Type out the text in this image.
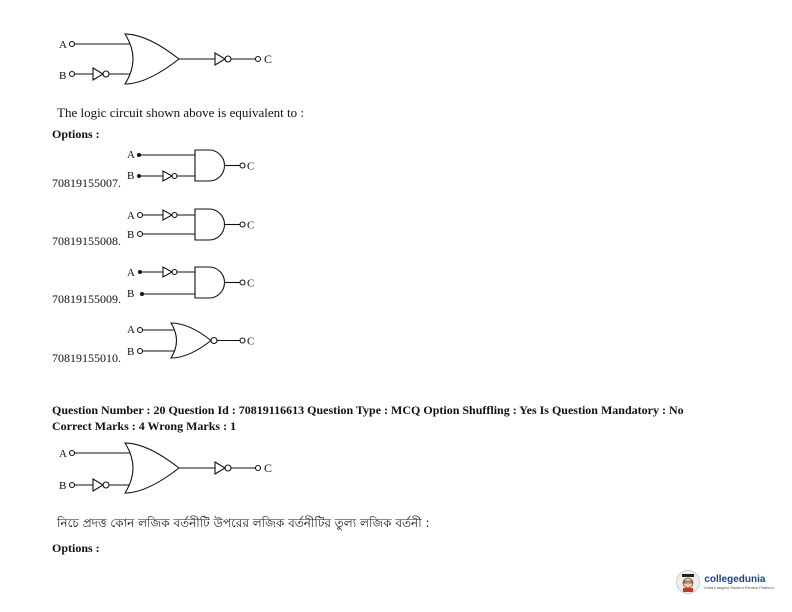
A
B
C
The logic circuit shown above is equivalent to :
Options :
70819155007.
A
B
C
70819155008.
A
B
C
70819155009.
A
B
C
70819155010.
A
B
C
Question Number : 20 Question Id : 70819116613 Question Type : MCQ Option Shuffling : Yes Is Question Mandatory : No
Correct Marks : 4 Wrong Marks : 1
A
B
C
নিচে প্রদত্ত কোন লজিক বর্তনীটি উপরের লজিক বর্তনীটির তুল্য লজিক বর্তনী :
Options :
collegedunia
India's largest Student Review Platform
